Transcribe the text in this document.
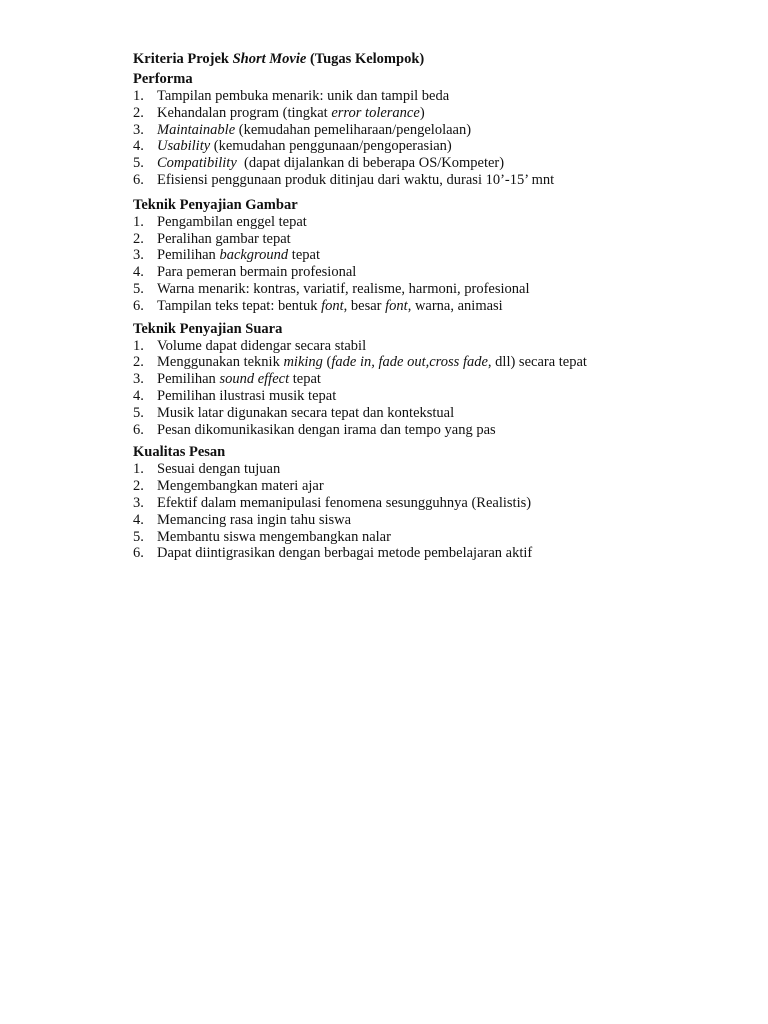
Kriteria Projek Short Movie (Tugas Kelompok)
Performa
1. Tampilan pembuka menarik: unik dan tampil beda
2. Kehandalan program (tingkat error tolerance)
3. Maintainable (kemudahan pemeliharaan/pengelolaan)
4. Usability (kemudahan penggunaan/pengoperasian)
5. Compatibility  (dapat dijalankan di beberapa OS/Kompeter)
6. Efisiensi penggunaan produk ditinjau dari waktu, durasi 10’-15’ mnt
Teknik Penyajian Gambar
1. Pengambilan enggel tepat
2. Peralihan gambar tepat
3. Pemilihan background tepat
4. Para pemeran bermain profesional
5. Warna menarik: kontras, variatif, realisme, harmoni, profesional
6. Tampilan teks tepat: bentuk font, besar font, warna, animasi
Teknik Penyajian Suara
1. Volume dapat didengar secara stabil
2. Menggunakan teknik miking (fade in, fade out,cross fade, dll) secara tepat
3. Pemilihan sound effect tepat
4. Pemilihan ilustrasi musik tepat
5. Musik latar digunakan secara tepat dan kontekstual
6. Pesan dikomunikasikan dengan irama dan tempo yang pas
Kualitas Pesan
1. Sesuai dengan tujuan
2. Mengembangkan materi ajar
3. Efektif dalam memanipulasi fenomena sesungguhnya (Realistis)
4. Memancing rasa ingin tahu siswa
5. Membantu siswa mengembangkan nalar
6. Dapat diintigrasikan dengan berbagai metode pembelajaran aktif
